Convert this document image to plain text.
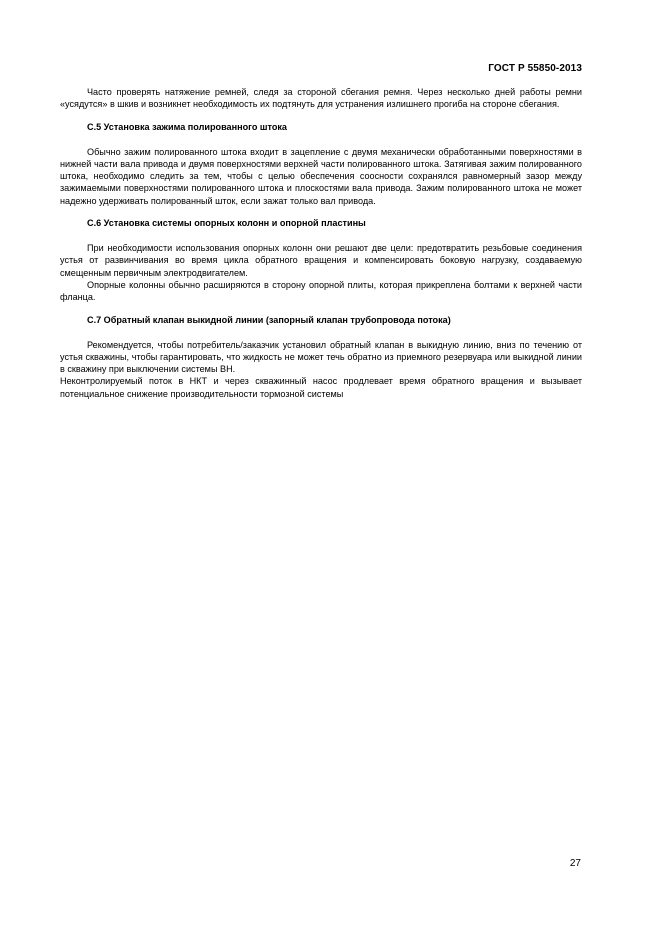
ГОСТ Р 55850-2013

Часто проверять натяжение ремней, следя за стороной сбегания ремня. Через несколько дней работы ремни «усядутся» в шкив и возникнет необходимость их подтянуть для устранения излишнего прогиба на стороне сбегания.

С.5 Установка зажима полированного штока

Обычно зажим полированного штока входит в зацепление с двумя механически обработанными поверхностями в нижней части вала привода и двумя поверхностями верхней части полированного штока. Затягивая зажим полированного штока, необходимо следить за тем, чтобы с целью обеспечения соосности сохранялся равномерный зазор между зажимаемыми поверхностями полированного штока и плоскостями вала привода. Зажим полированного штока не может надежно удерживать полированный шток, если зажат только вал привода.

С.6 Установка системы опорных колонн и опорной пластины

При необходимости использования опорных колонн они решают две цели: предотвратить резьбовые соединения устья от развинчивания во время цикла обратного вращения и компенсировать боковую нагрузку, создаваемую смещенным первичным электродвигателем.

Опорные колонны обычно расширяются в сторону опорной плиты, которая прикреплена болтами к верхней части фланца.

С.7 Обратный клапан выкидной линии (запорный клапан трубопровода потока)

Рекомендуется, чтобы потребитель/заказчик установил обратный клапан в выкидную линию, вниз по течению от устья скважины, чтобы гарантировать, что жидкость не может течь обратно из приемного резервуара или выкидной линии в скважину при выключении системы ВН.

Неконтролируемый поток в НКТ и через скважинный насос продлевает время обратного вращения и вызывает потенциальное снижение производительности тормозной системы

27
